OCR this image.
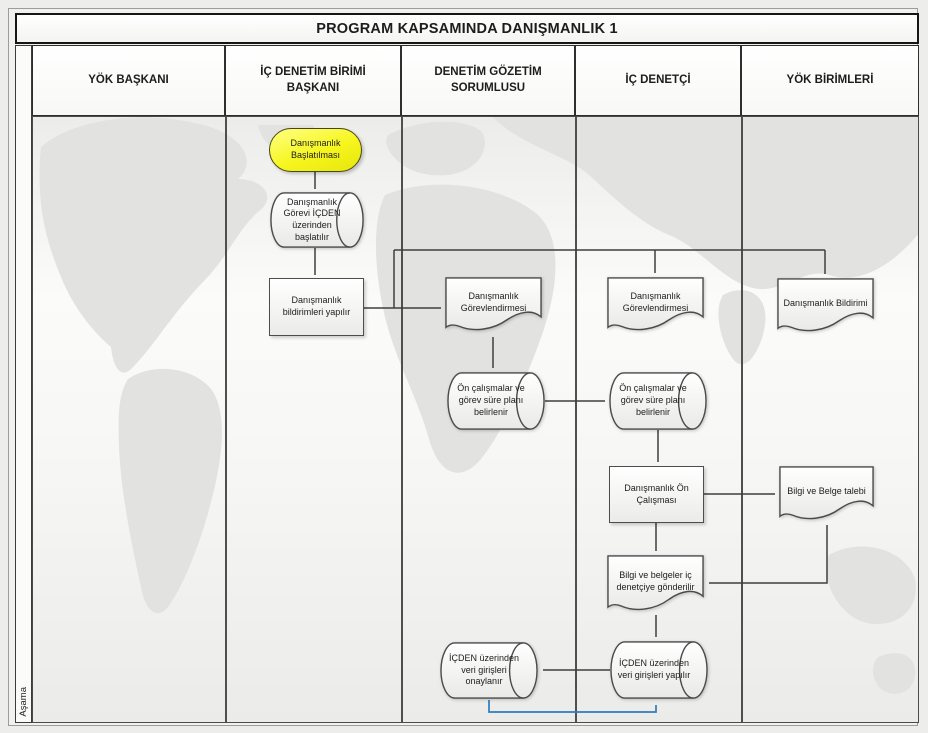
PROGRAM KAPSAMINDA DANIŞMANLIK 1
Aşama
YÖK BAŞKANI
İÇ DENETİM BİRİMİ BAŞKANI
DENETİM GÖZETİM SORUMLUSU
İÇ DENETÇİ	YÖK BİRİMLERİ
Danışmanlık Başlatılması
Danışmanlık Görevi İÇDEN üzerinden başlatılır
Danışmanlık bildirimleri yapılır
Danışmanlık Görevlendirmesi
Danışmanlık Görevlendirmesi	Danışmanlık Bildirimi
Ön çalışmalar ve görev süre planı belirlenir
Ön çalışmalar ve görev süre planı belirlenir
Danışmanlık Ön Çalışması
Bilgi ve Belge talebi
Bilgi ve belgeler iç denetçiye gönderilir
İÇDEN üzerinden veri girişleri onaylanır
İÇDEN üzerinden veri girişleri yapılır
